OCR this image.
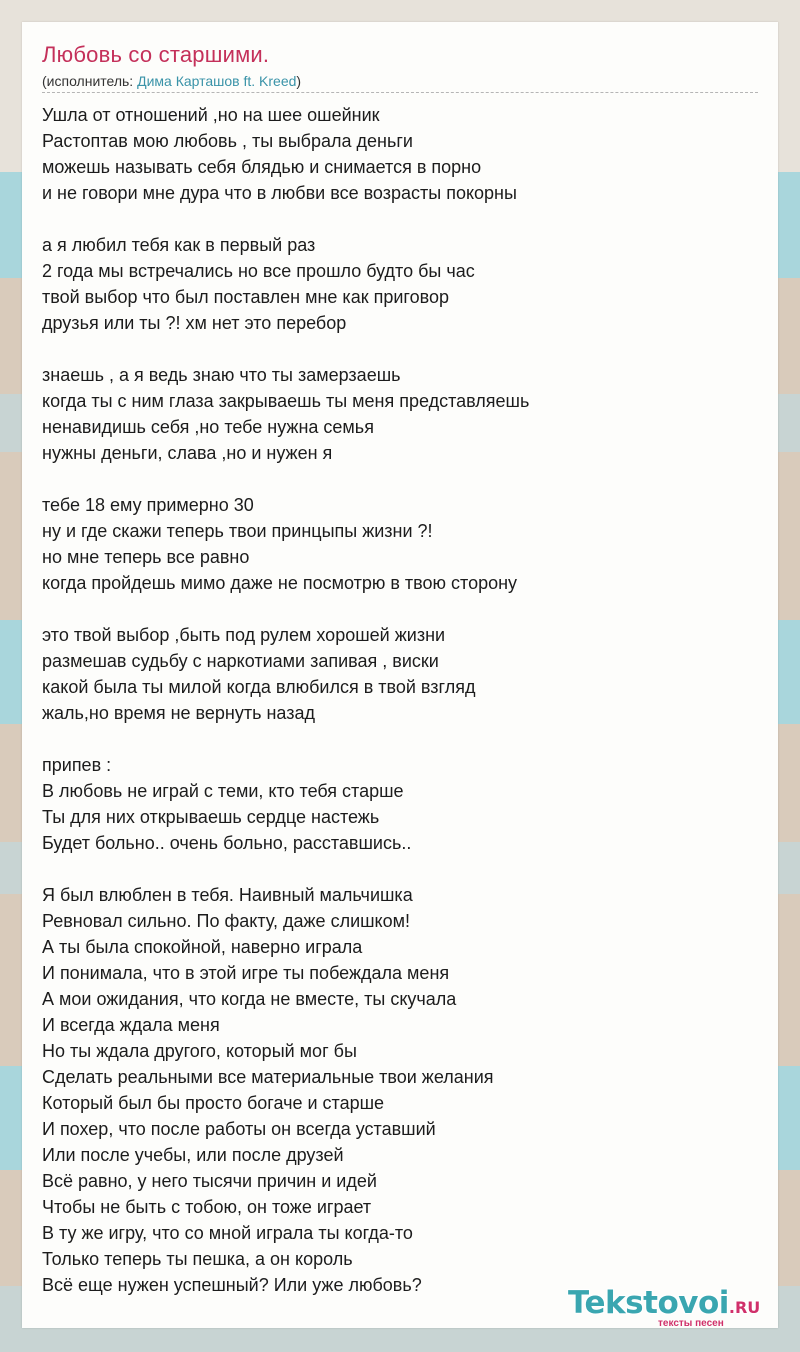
Любовь со старшими.
(исполнитель: Дима Карташов ft. Kreed)
Ушла от отношений ,но на шее ошейник
Растоптав мою любовь , ты выбрала деньги
можешь называть себя блядью и снимается в порно
и не говори мне дура что в любви все возрасты покорны
а я любил тебя как в первый раз
2 года мы встречались но все прошло будто бы час
твой выбор что был поставлен мне как приговор
друзья или ты ?! хм нет это перебор
знаешь , а я ведь знаю что ты замерзаешь
когда ты с ним глаза закрываешь ты меня представляешь
ненавидишь себя ,но тебе нужна семья
нужны деньги, слава ,но и нужен я
тебе 18 ему примерно 30
ну и где скажи теперь твои принцыпы жизни ?!
но мне теперь все равно
когда пройдешь мимо даже не посмотрю в твою сторону
это твой выбор ,быть под рулем хорошей жизни
размешав судьбу с наркотиами запивая , виски
какой была ты милой когда влюбился в твой взгляд
жаль,но время не вернуть назад
припев :
В любовь не играй с теми, кто тебя старше
Ты для них открываешь сердце настежь
Будет больно.. очень больно, расставшись..
Я был влюблен в тебя. Наивный мальчишка
Ревновал сильно. По факту, даже слишком!
А ты была спокойной, наверно играла
И понимала, что в этой игре ты побеждала меня
А мои ожидания, что когда не вместе, ты скучала
И всегда ждала меня
Но ты ждала другого, который мог бы
Сделать реальными все материальные твои желания
Который был бы просто богаче и старше
И похер, что после работы он всегда уставший
Или после учебы, или после друзей
Всё равно, у него тысячи причин и идей
Чтобы не быть с тобою, он тоже играет
В ту же игру, что со мной играла ты когда-то
Только теперь ты пешка, а он король
Всё еще нужен успешный? Или уже любовь?	Tekstovoi.RU
тексты песен
